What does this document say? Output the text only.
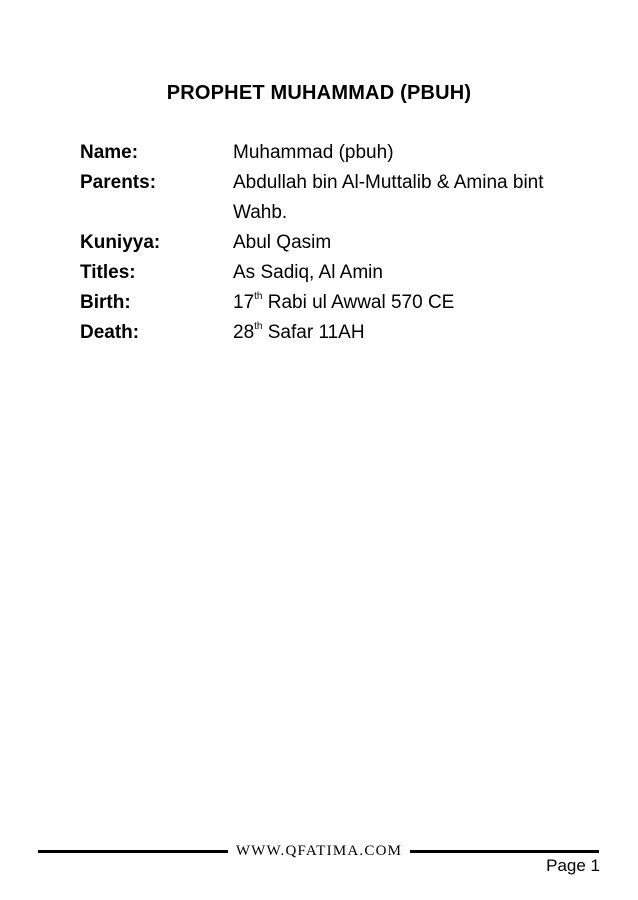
PROPHET MUHAMMAD (PBUH)
Name:	Muhammad (pbuh)
Parents:	Abdullah bin Al-Muttalib & Amina bint Wahb.
Kuniyya:	Abul Qasim
Titles:	As Sadiq, Al Amin
Birth:	17th Rabi ul Awwal 570 CE
Death:	28th Safar 11AH
WWW.QFATIMA.COM
Page 1
